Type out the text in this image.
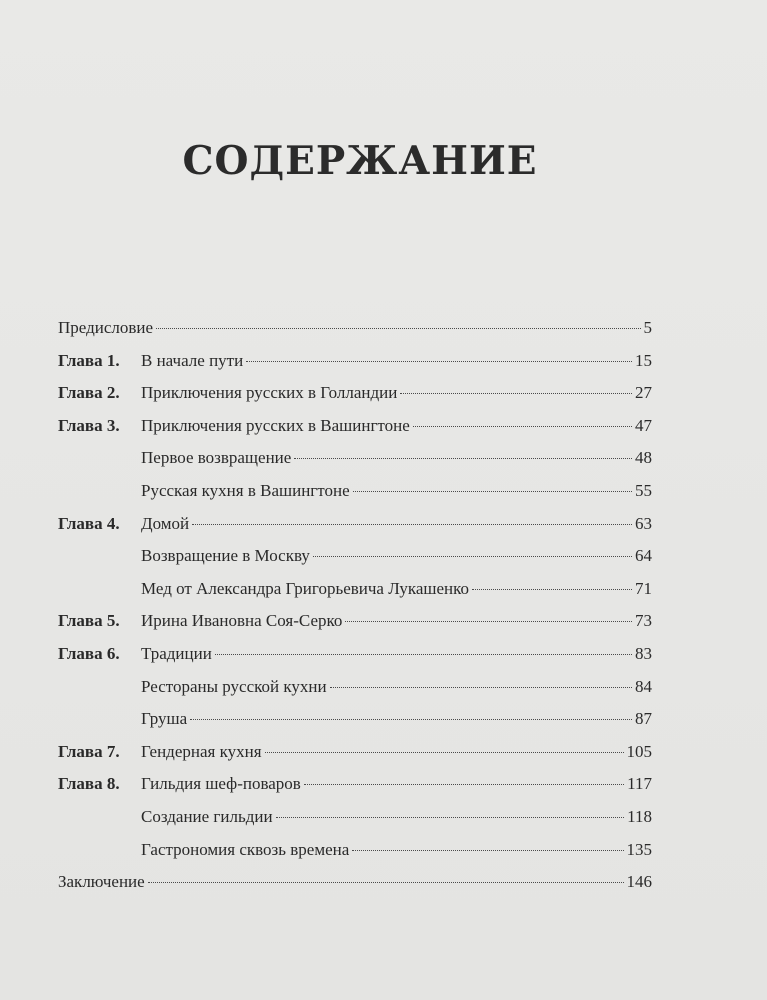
СОДЕРЖАНИЕ
Предисловие	5
Глава 1.	В начале пути	15
Глава 2.	Приключения русских в Голландии	27
Глава 3.	Приключения русских в Вашингтоне	47
Первое возвращение	48
Русская кухня в Вашингтоне	55
Глава 4.	Домой	63
Возвращение в Москву	64
Мед от Александра Григорьевича Лукашенко	71
Глава 5.	Ирина Ивановна Соя-Серко	73
Глава 6.	Традиции	83
Рестораны русской кухни	84
Груша	87
Глава 7.	Гендерная кухня	105
Глава 8.	Гильдия шеф-поваров	117
Создание гильдии	118
Гастрономия сквозь времена	135
Заключение	146
